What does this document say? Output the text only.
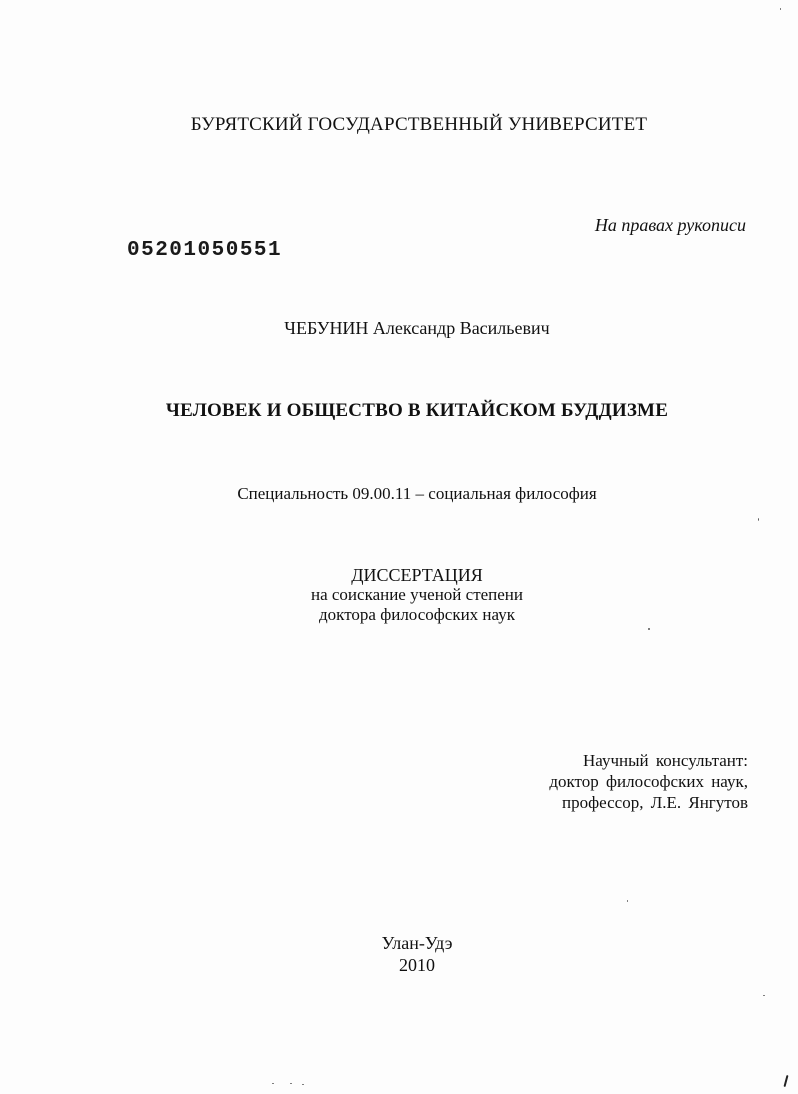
БУРЯТСКИЙ ГОСУДАРСТВЕННЫЙ УНИВЕРСИТЕТ
На правах рукописи
05201050551
ЧЕБУНИН Александр Васильевич
ЧЕЛОВЕК И ОБЩЕСТВО В КИТАЙСКОМ БУДДИЗМЕ
Специальность 09.00.11 – социальная философия
ДИССЕРТАЦИЯ
на соискание ученой степени
доктора философских наук
Научный консультант:
доктор философских наук,
профессор, Л.Е. Янгутов
Улан-Удэ
2010
